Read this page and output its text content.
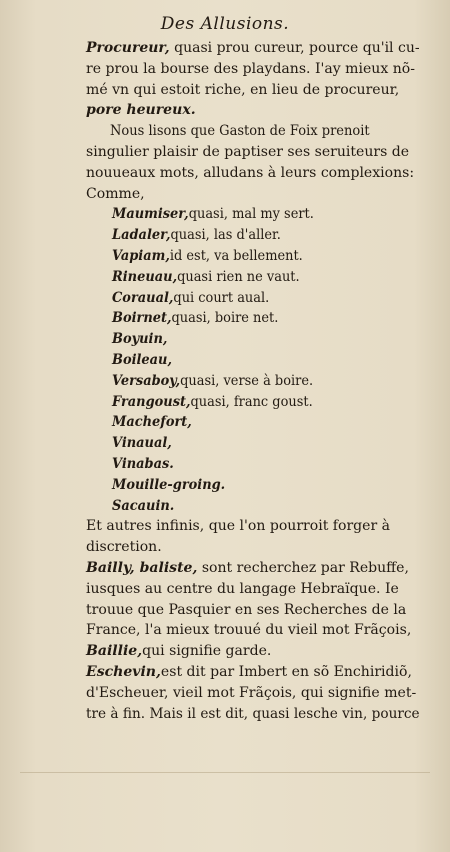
Des Allusions.
Procureur, quasi prou cureur, pource qu'il cu-
re prou la bourse des playdans. I'ay mieux nõ-
mé vn qui estoit riche, en lieu de procureur,
pore heureux.
Nous lisons que Gaston de Foix prenoit
singulier plaisir de paptiser ses seruiteurs de
nouueaux mots, alludans à leurs complexions:
Comme,
Maumiser,quasi, mal my sert.
Ladaler,quasi, las d'aller.
Vapiam,id est, va bellement.
Rineuau,quasi rien ne vaut.
Coraual,qui court aual.
Boirnet,quasi, boire net.
Boyuin,
Boileau,
Versaboy,quasi, verse à boire.
Frangoust,quasi, franc goust.
Machefort,
Vinaual,
Vinabas.
Mouille-groing.
Sacauin.
Et autres infinis, que l'on pourroit forger à
discretion.
Bailly, baliste, sont recherchez par Rebuffe,
iusques au centre du langage Hebraïque. Ie
trouue que Pasquier en ses Recherches de la
France, l'a mieux trouué du vieil mot Frãçois,
Baillie,qui signifie garde.
Eschevin,est dit par Imbert en sõ Enchiridiõ,
d'Escheuer, vieil mot Frãçois, qui signifie met-
tre à fin. Mais il est dit, quasi lesche vin, pource
